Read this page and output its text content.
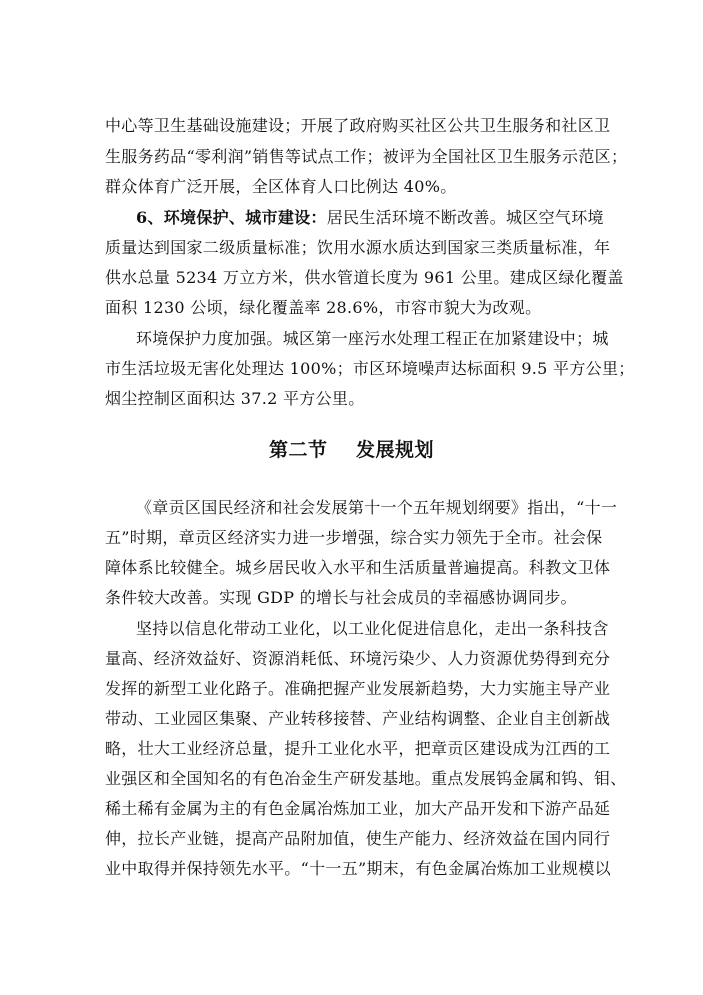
中心等卫生基础设施建设；开展了政府购买社区公共卫生服务和社区卫
生服务药品“零利润”销售等试点工作；被评为全国社区卫生服务示范区；
群众体育广泛开展，全区体育人口比例达 40%。
6、环境保护、城市建设：居民生活环境不断改善。城区空气环境
质量达到国家二级质量标准；饮用水源水质达到国家三类质量标准，年
供水总量 5234 万立方米，供水管道长度为 961 公里。建成区绿化覆盖
面积 1230 公顷，绿化覆盖率 28.6%，市容市貌大为改观。
环境保护力度加强。城区第一座污水处理工程正在加紧建设中；城
市生活垃圾无害化处理达 100%；市区环境噪声达标面积 9.5 平方公里；
烟尘控制区面积达 37.2 平方公里。
第二节    发展规划
《章贡区国民经济和社会发展第十一个五年规划纲要》指出，“十一
五”时期，章贡区经济实力进一步增强，综合实力领先于全市。社会保
障体系比较健全。城乡居民收入水平和生活质量普遍提高。科教文卫体
条件较大改善。实现 GDP 的增长与社会成员的幸福感协调同步。
坚持以信息化带动工业化，以工业化促进信息化，走出一条科技含
量高、经济效益好、资源消耗低、环境污染少、人力资源优势得到充分
发挥的新型工业化路子。准确把握产业发展新趋势，大力实施主导产业
带动、工业园区集聚、产业转移接替、产业结构调整、企业自主创新战
略，壮大工业经济总量，提升工业化水平，把章贡区建设成为江西的工
业强区和全国知名的有色冶金生产研发基地。重点发展钨金属和钨、钼、
稀土稀有金属为主的有色金属冶炼加工业，加大产品开发和下游产品延
伸，拉长产业链，提高产品附加值，使生产能力、经济效益在国内同行
业中取得并保持领先水平。“十一五”期末，有色金属冶炼加工业规模以
